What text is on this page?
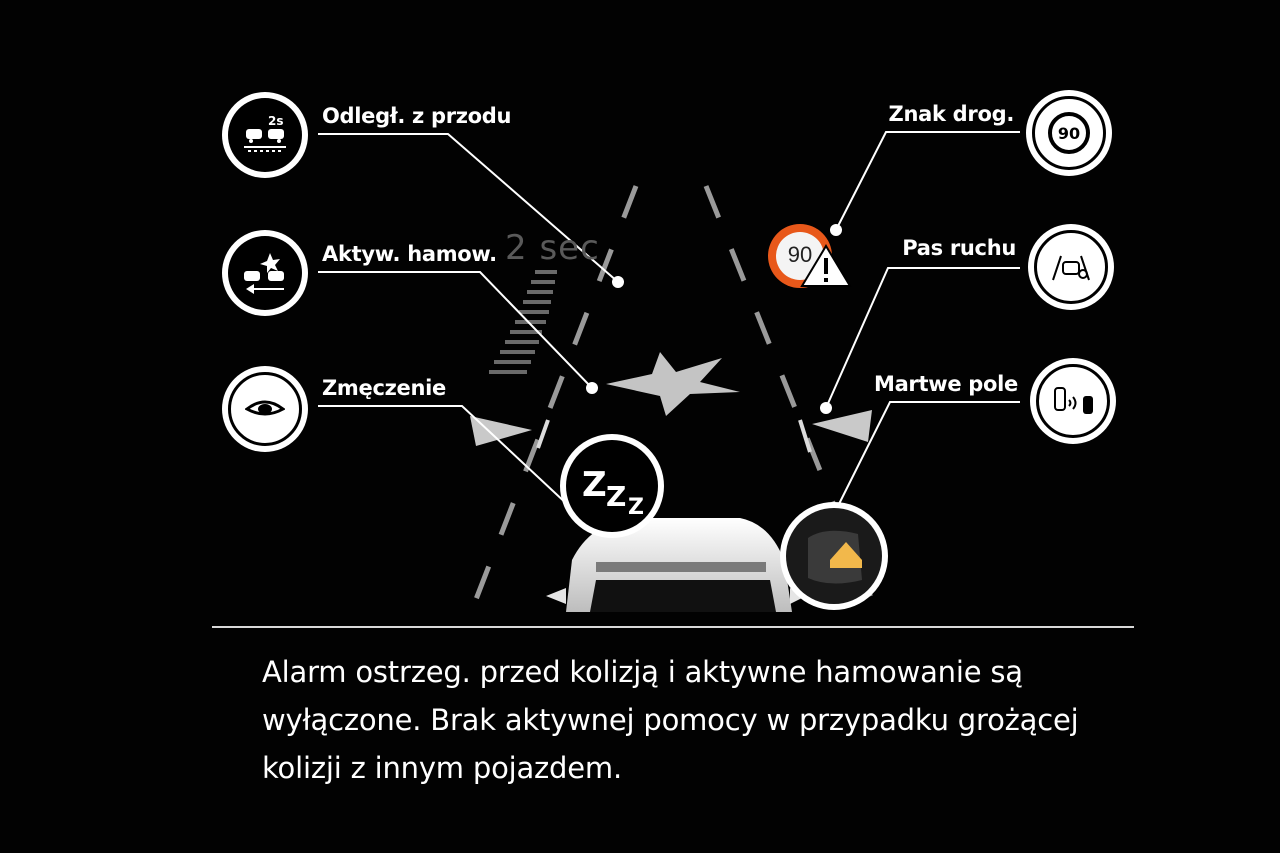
Z Z Z
2 sec	90
2s Odległ. z przodu
Aktyw. hamow.
Zmęczenie
90
Znak drog.
Pas ruchu
Martwe pole
Alarm ostrzeg. przed kolizją i aktywne hamowanie są wyłączone. Brak aktywnej pomocy w przypadku grożącej kolizji z innym pojazdem.
